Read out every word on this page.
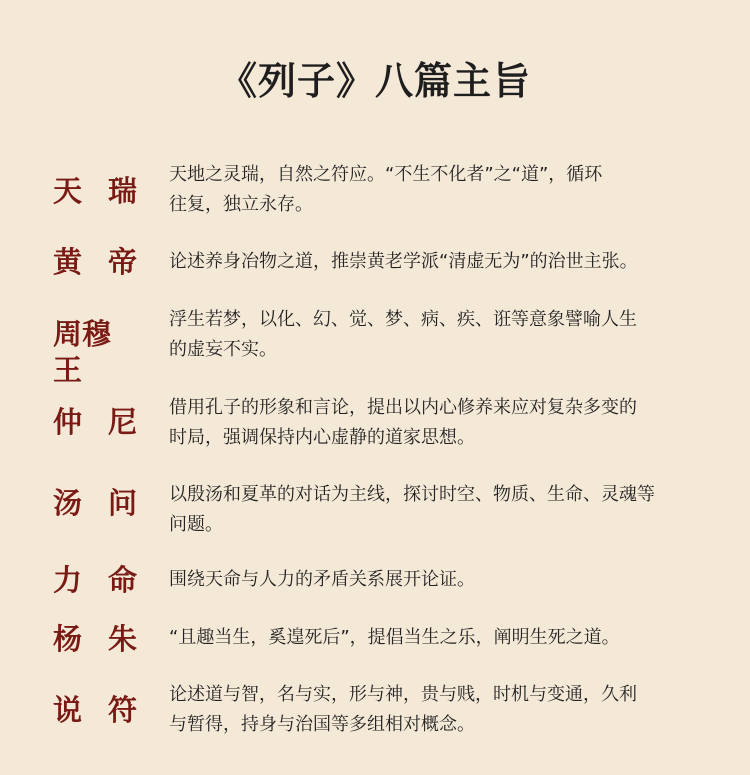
《列子》八篇主旨
天 瑞 天地之灵瑞，自然之符应。“不生不化者”之“道”，循环
往复，独立永存。
黄 帝 论述养身冶物之道，推崇黄老学派“清虚无为”的治世主张。
周穆王
浮生若梦，以化、幻、觉、梦、病、疾、诳等意象譬喻人生
的虚妄不实。
仲 尼 借用孔子的形象和言论，提出以内心修养来应对复杂多变的
时局，强调保持内心虚静的道家思想。
汤 问 以殷汤和夏革的对话为主线，探讨时空、物质、生命、灵魂等
问题。
力 命 围绕天命与人力的矛盾关系展开论证。
杨 朱 “且趣当生，奚遑死后”，提倡当生之乐，阐明生死之道。
说 符 论述道与智，名与实，形与神，贵与贱，时机与变通，久利
与暂得，持身与治国等多组相对概念。
